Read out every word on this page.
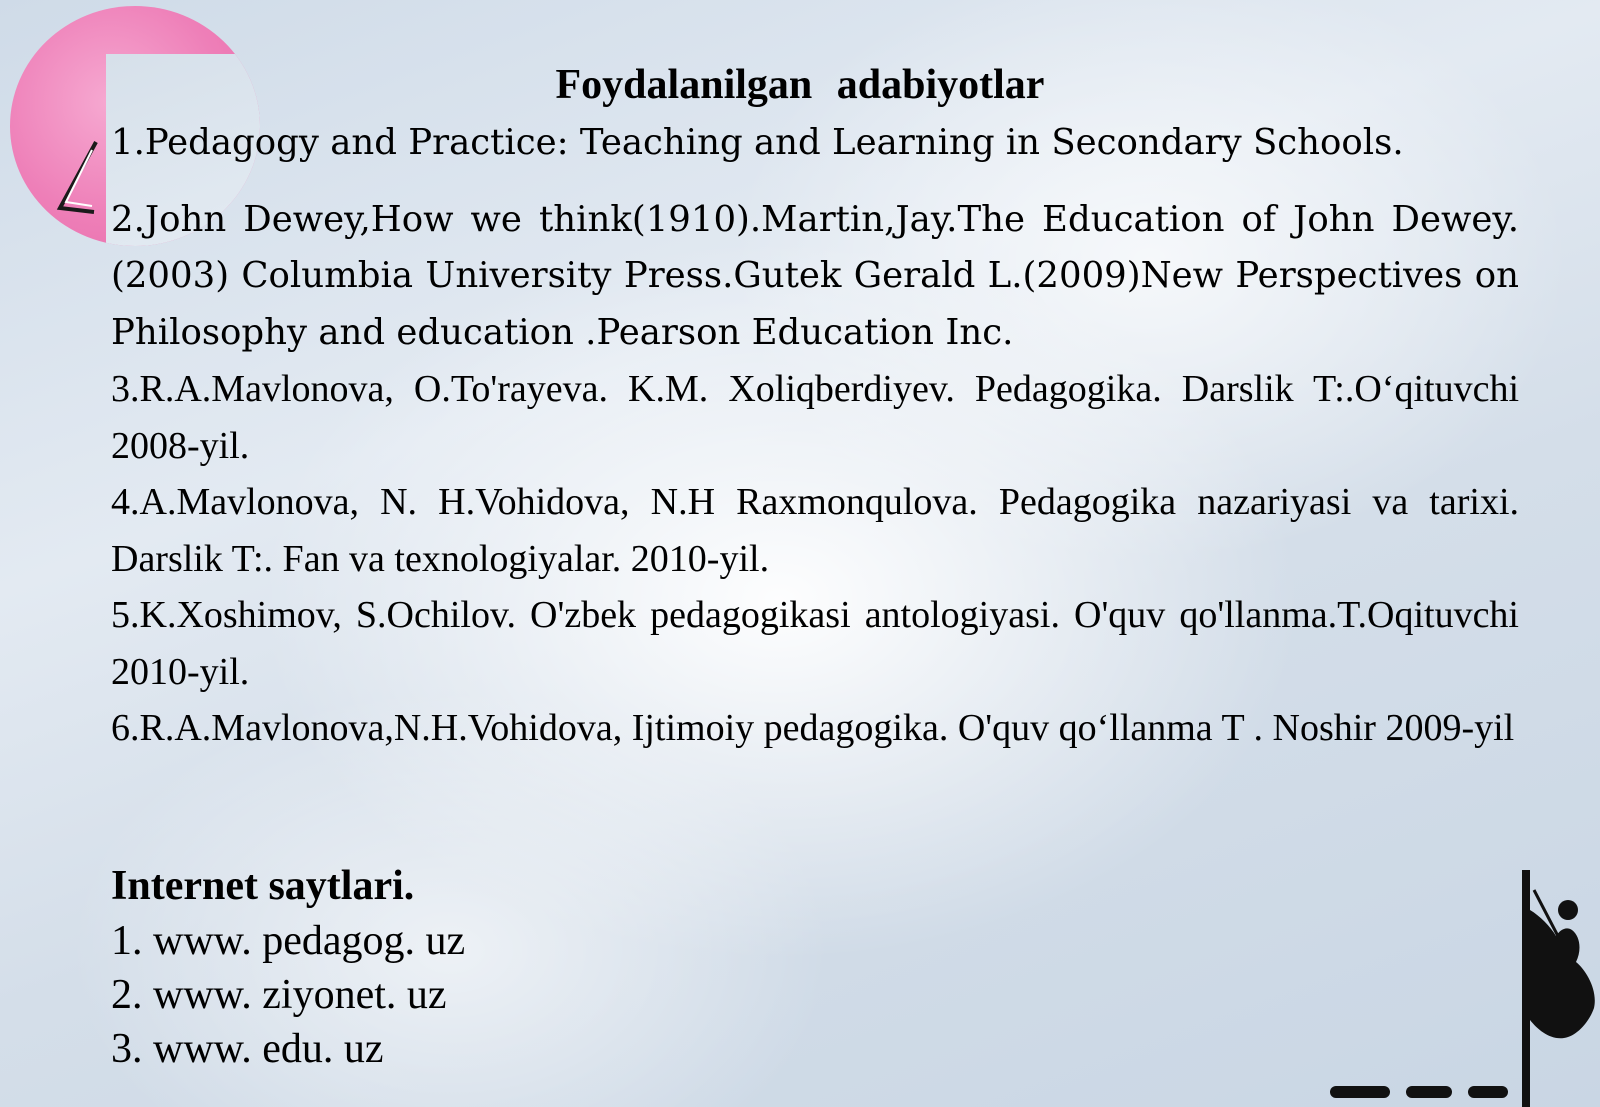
Foydalanilgan adabiyotlar

1.Pedagogy and Practice: Teaching and Learning in Secondary Schools.

2.John Dewey,How we think(1910).Martin,Jay.The Education of John Dewey.(2003) Columbia University Press.Gutek Gerald L.(2009)New Perspectives on Philosophy and education .Pearson Education Inc.

3.R.A.Mavlonova, O.To'rayeva. K.M. Xoliqberdiyev. Pedagogika. Darslik T:.O‘qituvchi 2008-yil.

4.A.Mavlonova, N. H.Vohidova, N.H Raxmonqulova. Pedagogika nazariyasi va tarixi. Darslik T:. Fan va texnologiyalar. 2010-yil.

5.K.Xoshimov, S.Ochilov. O'zbek pedagogikasi antologiyasi. O'quv qo'llanma.T.Oqituvchi 2010-yil.

6.R.A.Mavlonova,N.H.Vohidova, Ijtimoiy pedagogika. O'quv qo‘llanma T . Noshir 2009-yil

Internet saytlari.

1. www. pedagog. uz

2. www. ziyonet. uz

3. www. edu. uz
